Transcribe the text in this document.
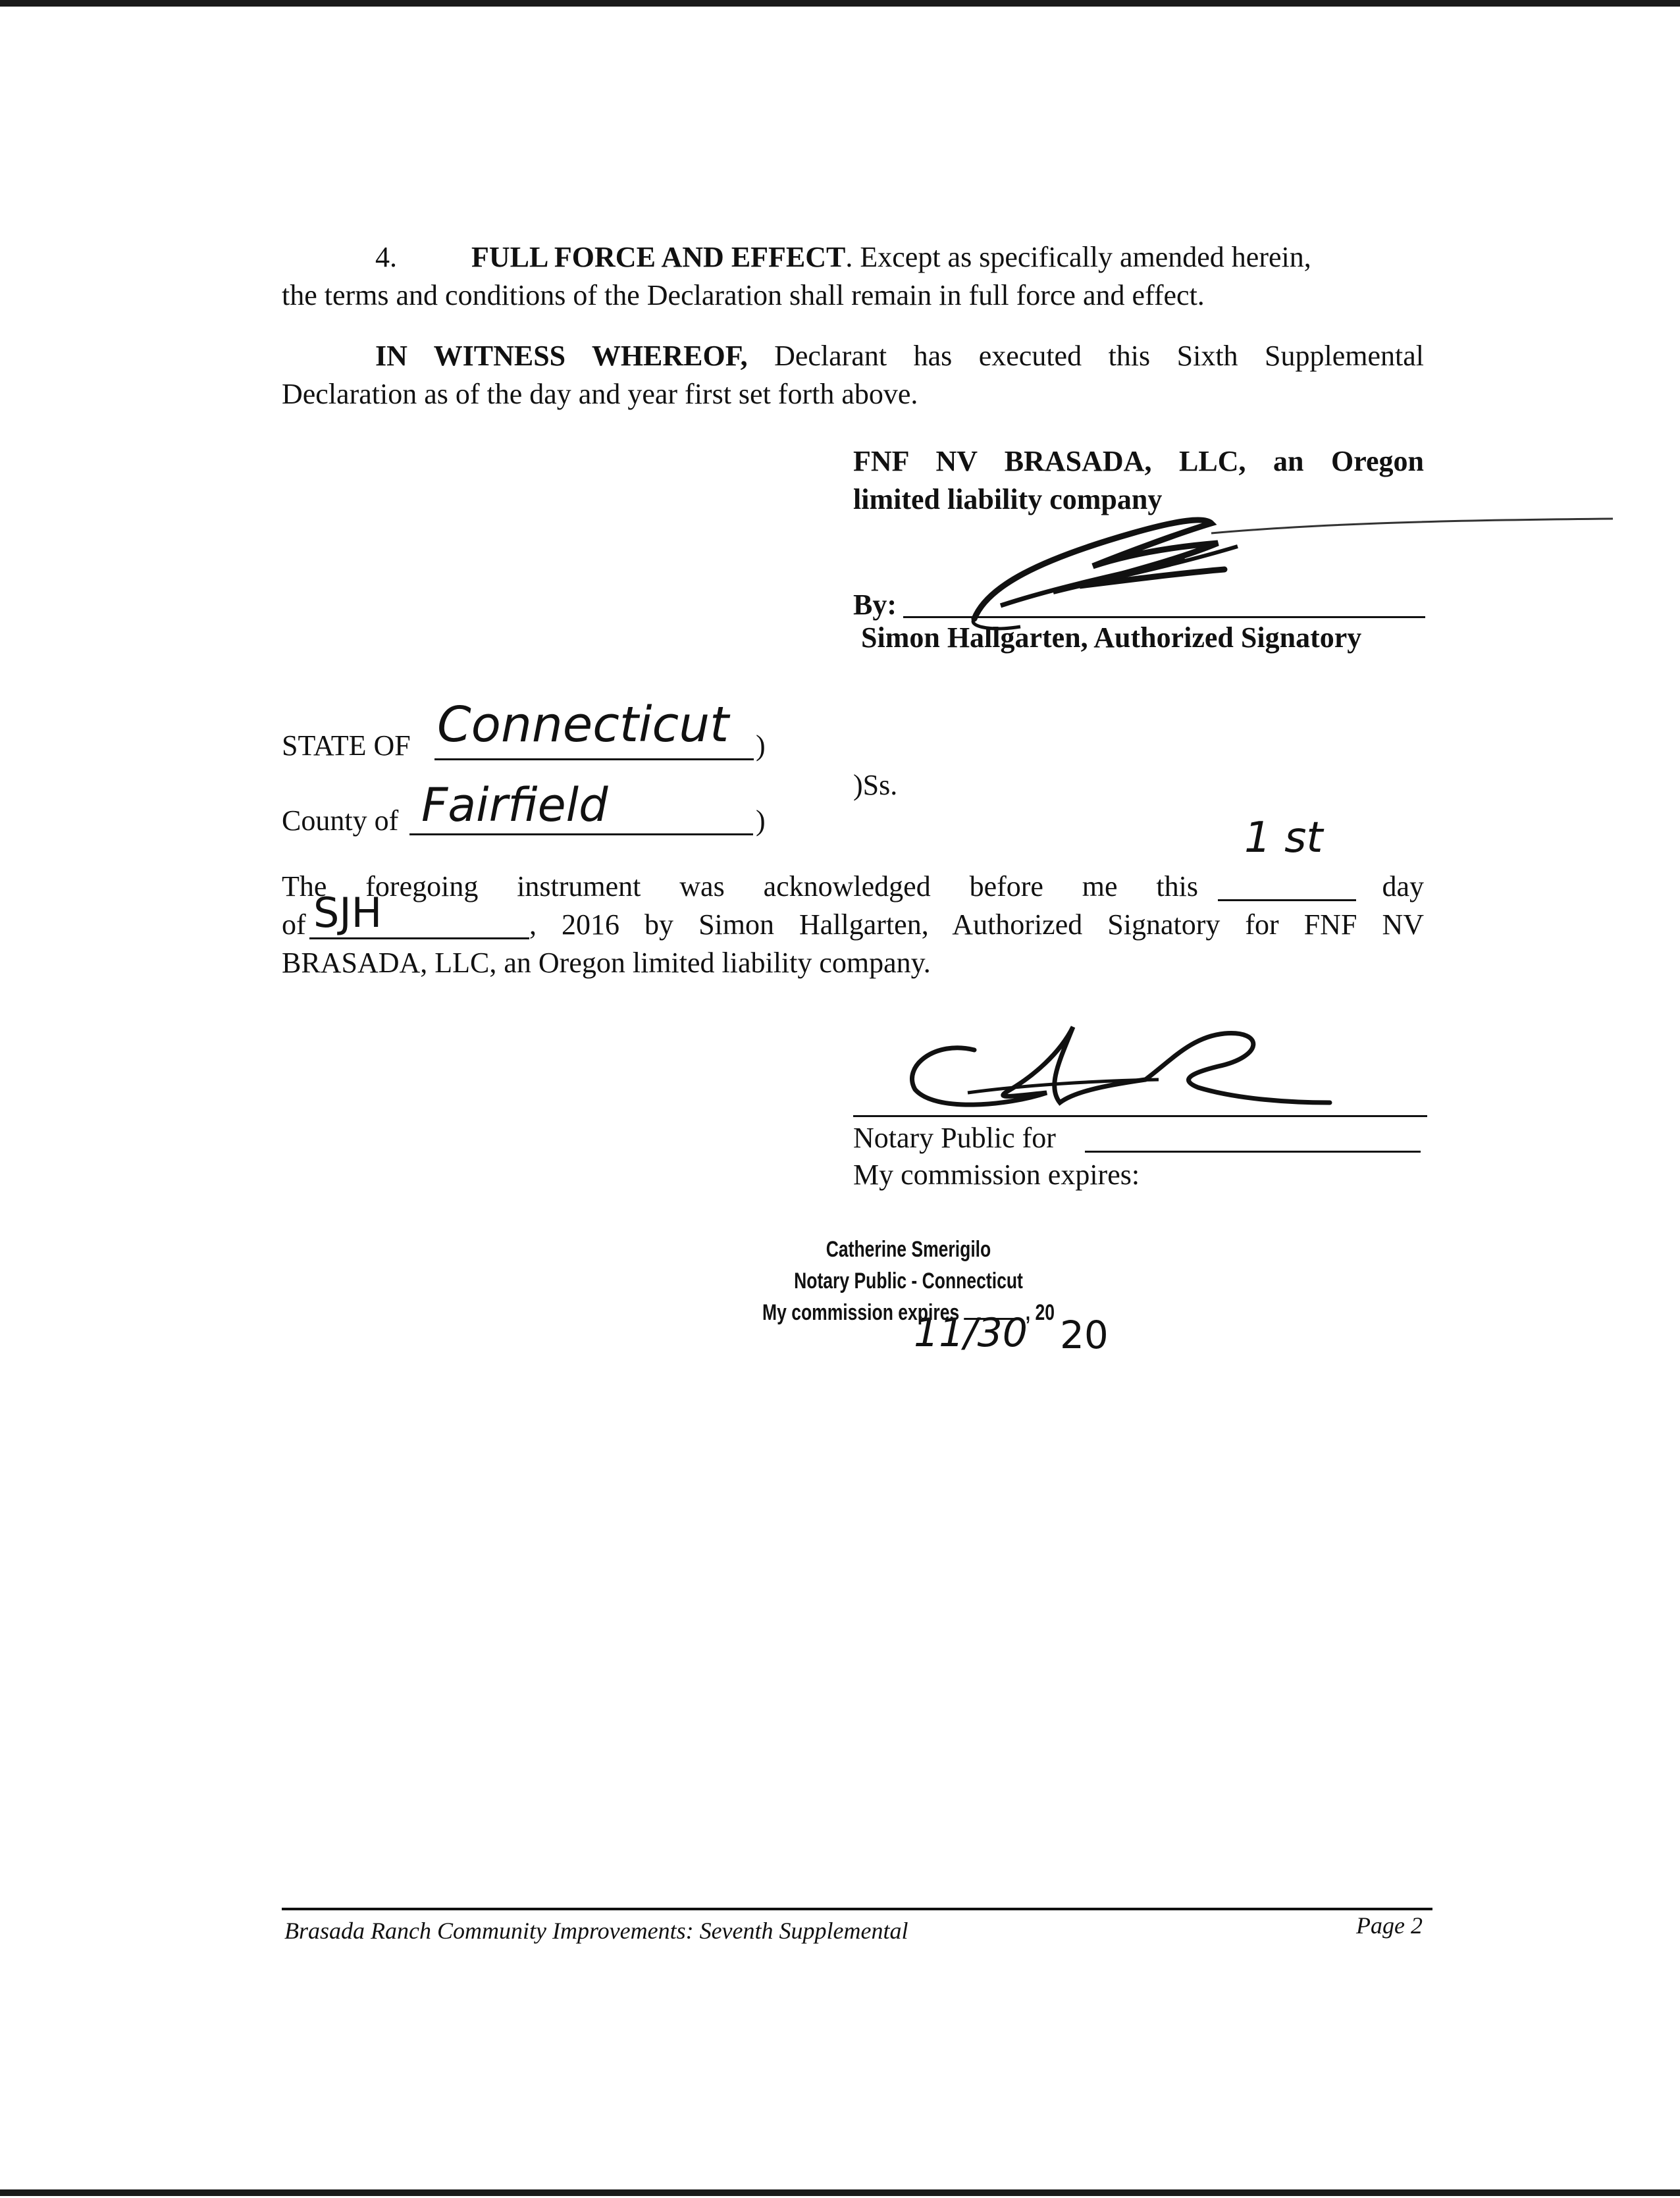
4.	FULL FORCE AND EFFECT. Except as specifically amended herein,
the terms and conditions of the Declaration shall remain in full force and effect.
IN WITNESS WHEREOF, Declarant has executed this Sixth Supplemental
Declaration as of the day and year first set forth above.
FNF NV BRASADA, LLC, an Oregon
limited liability company
By:
Simon Hallgarten, Authorized Signatory
STATE OF Connecticut )
)Ss.
County of Fairfield	)
The foregoing instrument was acknowledged before me this	day
of	, 2016 by Simon Hallgarten, Authorized Signatory for FNF NV
BRASADA, LLC, an Oregon limited liability company.
1 st
SJH
Notary Public for
My commission expires:
Catherine Smerigilo
Notary Public - Connecticut
My commission expires	, 20
11/30 20
Brasada Ranch Community Improvements: Seventh Supplemental	Page 2
